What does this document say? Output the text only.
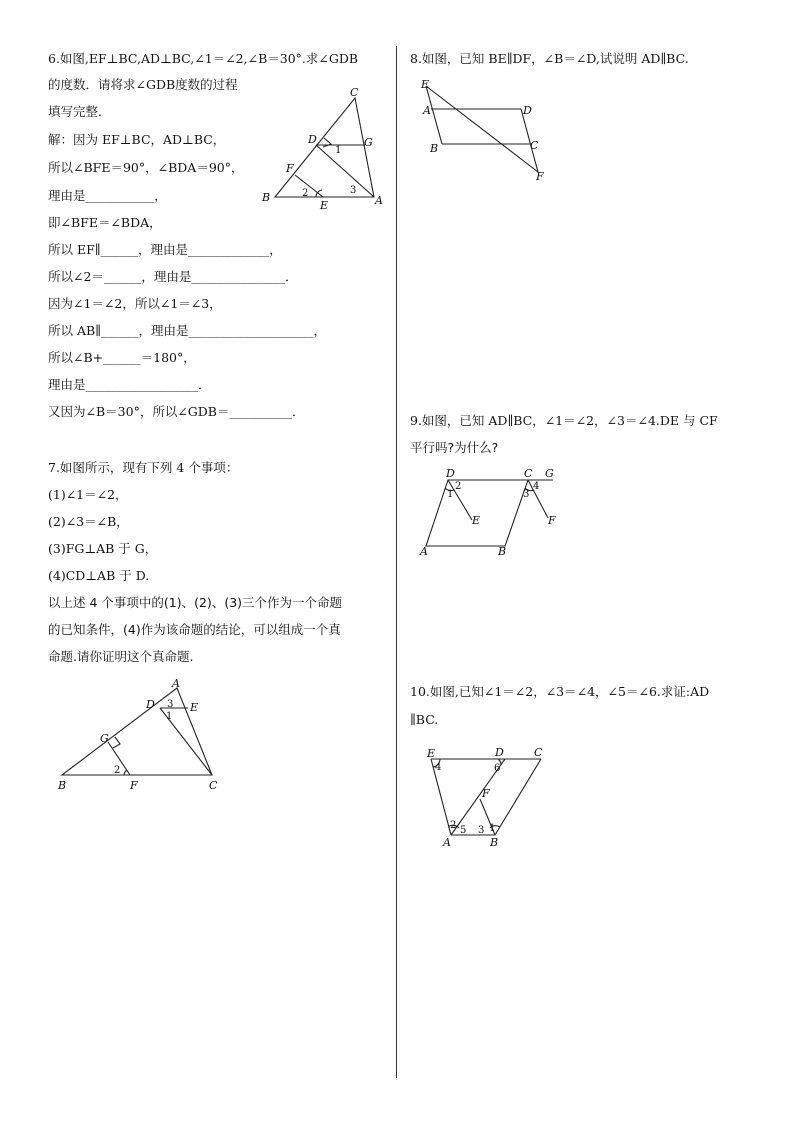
6.如图,EF⊥BC,AD⊥BC,∠1＝∠2,∠B＝30°.求∠GDB
的度数．请将求∠GDB度数的过程
填写完整．
解：因为 EF⊥BC，AD⊥BC，
所以∠BFE＝90°，∠BDA＝90°，
理由是___________，
即∠BFE＝∠BDA，
所以 EF∥______，理由是_____________，
所以∠2＝______，理由是_______________．
因为∠1＝∠2，所以∠1＝∠3，
所以 AB∥______，理由是____________________，
所以∠B+______＝180°，
理由是__________________．
又因为∠B＝30°，所以∠GDB＝__________．
C
D	G
F
B
E	A
1
2	3
7.如图所示，现有下列 4 个事项：
(1)∠1＝∠2，
(2)∠3＝∠B，
(3)FG⊥AB 于 G，
(4)CD⊥AB 于 D.
以上述 4 个事项中的(1)、(2)、(3)三个作为一个命题
的已知条件，(4)作为该命题的结论，可以组成一个真
命题.请你证明这个真命题.
A
D	E
G
B	F	C
1
2
3
8.如图，已知 BE∥DF，∠B＝∠D,试说明 AD∥BC.
E
A	D
B	C
F
9.如图，已知 AD∥BC，∠1＝∠2，∠3＝∠4.DE 与 CF
平行吗?为什么?
D	C G
E	F
A	B
1
2
3
4
10.如图,已知∠1＝∠2，∠3＝∠4，∠5＝∠6.求证:AD
∥BC.
E	D	C
F
A	B
1
2 3
4
5
6
